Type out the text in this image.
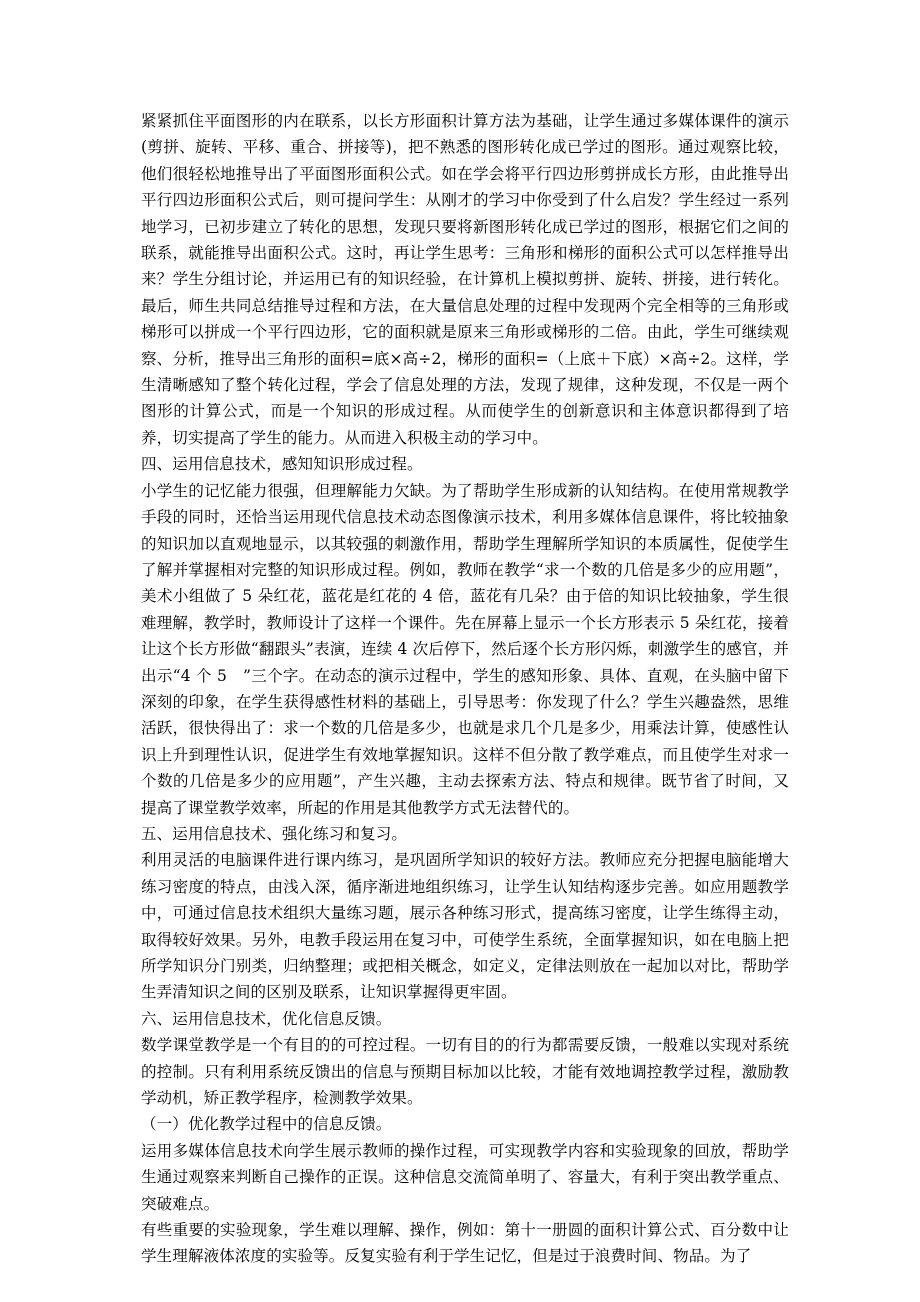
紧紧抓住平面图形的内在联系，以长方形面积计算方法为基础，让学生通过多媒体课件的演示 (剪拼、旋转、平移、重合、拼接等)，把不熟悉的图形转化成已学过的图形。通过观察比较，他们很轻松地推导出了平面图形面积公式。如在学会将平行四边形剪拼成长方形，由此推导出平行四边形面积公式后，则可提问学生：从刚才的学习中你受到了什么启发？学生经过一系列地学习，已初步建立了转化的思想，发现只要将新图形转化成已学过的图形，根据它们之间的联系，就能推导出面积公式。这时，再让学生思考：三角形和梯形的面积公式可以怎样推导出来？学生分组讨论，并运用已有的知识经验，在计算机上模拟剪拼、旋转、拼接，进行转化。最后，师生共同总结推导过程和方法，在大量信息处理的过程中发现两个完全相等的三角形或梯形可以拼成一个平行四边形，它的面积就是原来三角形或梯形的二倍。由此，学生可继续观察、分析，推导出三角形的面积=底×高÷2，梯形的面积=（上底＋下底）×高÷2。这样，学生清晰感知了整个转化过程，学会了信息处理的方法，发现了规律，这种发现，不仅是一两个图形的计算公式，而是一个知识的形成过程。从而使学生的创新意识和主体意识都得到了培养，切实提高了学生的能力。从而进入积极主动的学习中。

四、运用信息技术，感知知识形成过程。

小学生的记忆能力很强，但理解能力欠缺。为了帮助学生形成新的认知结构。在使用常规教学手段的同时，还恰当运用现代信息技术动态图像演示技术，利用多媒体信息课件，将比较抽象的知识加以直观地显示，以其较强的刺激作用，帮助学生理解所学知识的本质属性，促使学生了解并掌握相对完整的知识形成过程。例如，教师在教学“求一个数的几倍是多少的应用题”，美术小组做了 5 朵红花，蓝花是红花的 4 倍，蓝花有几朵？由于倍的知识比较抽象，学生很难理解，教学时，教师设计了这样一个课件。先在屏幕上显示一个长方形表示 5 朵红花，接着让这个长方形做“翻跟头”表演，连续 4 次后停下，然后逐个长方形闪烁，刺激学生的感官，并出示“4 个 5　”三个字。在动态的演示过程中，学生的感知形象、具体、直观，在头脑中留下深刻的印象，在学生获得感性材料的基础上，引导思考：你发现了什么？学生兴趣盎然，思维活跃，很快得出了：求一个数的几倍是多少，也就是求几个几是多少，用乘法计算，使感性认识上升到理性认识，促进学生有效地掌握知识。这样不但分散了教学难点，而且使学生对求一个数的几倍是多少的应用题”，产生兴趣，主动去探索方法、特点和规律。既节省了时间，又提高了课堂教学效率，所起的作用是其他教学方式无法替代的。

五、运用信息技术、强化练习和复习。

利用灵活的电脑课件进行课内练习，是巩固所学知识的较好方法。教师应充分把握电脑能增大练习密度的特点，由浅入深，循序渐进地组织练习，让学生认知结构逐步完善。如应用题教学中，可通过信息技术组织大量练习题，展示各种练习形式，提高练习密度，让学生练得主动，取得较好效果。另外，电教手段运用在复习中，可使学生系统，全面掌握知识，如在电脑上把所学知识分门别类，归纳整理；或把相关概念，如定义，定律法则放在一起加以对比，帮助学生弄清知识之间的区别及联系，让知识掌握得更牢固。

六、运用信息技术，优化信息反馈。

数学课堂教学是一个有目的的可控过程。一切有目的的行为都需要反馈，一般难以实现对系统的控制。只有利用系统反馈出的信息与预期目标加以比较，才能有效地调控教学过程，激励教学动机，矫正教学程序，检测教学效果。

（一）优化教学过程中的信息反馈。

运用多媒体信息技术向学生展示教师的操作过程，可实现教学内容和实验现象的回放，帮助学生通过观察来判断自己操作的正误。这种信息交流简单明了、容量大，有利于突出教学重点、突破难点。

有些重要的实验现象，学生难以理解、操作，例如：第十一册圆的面积计算公式、百分数中让学生理解液体浓度的实验等。反复实验有利于学生记忆，但是过于浪费时间、物品。为了
